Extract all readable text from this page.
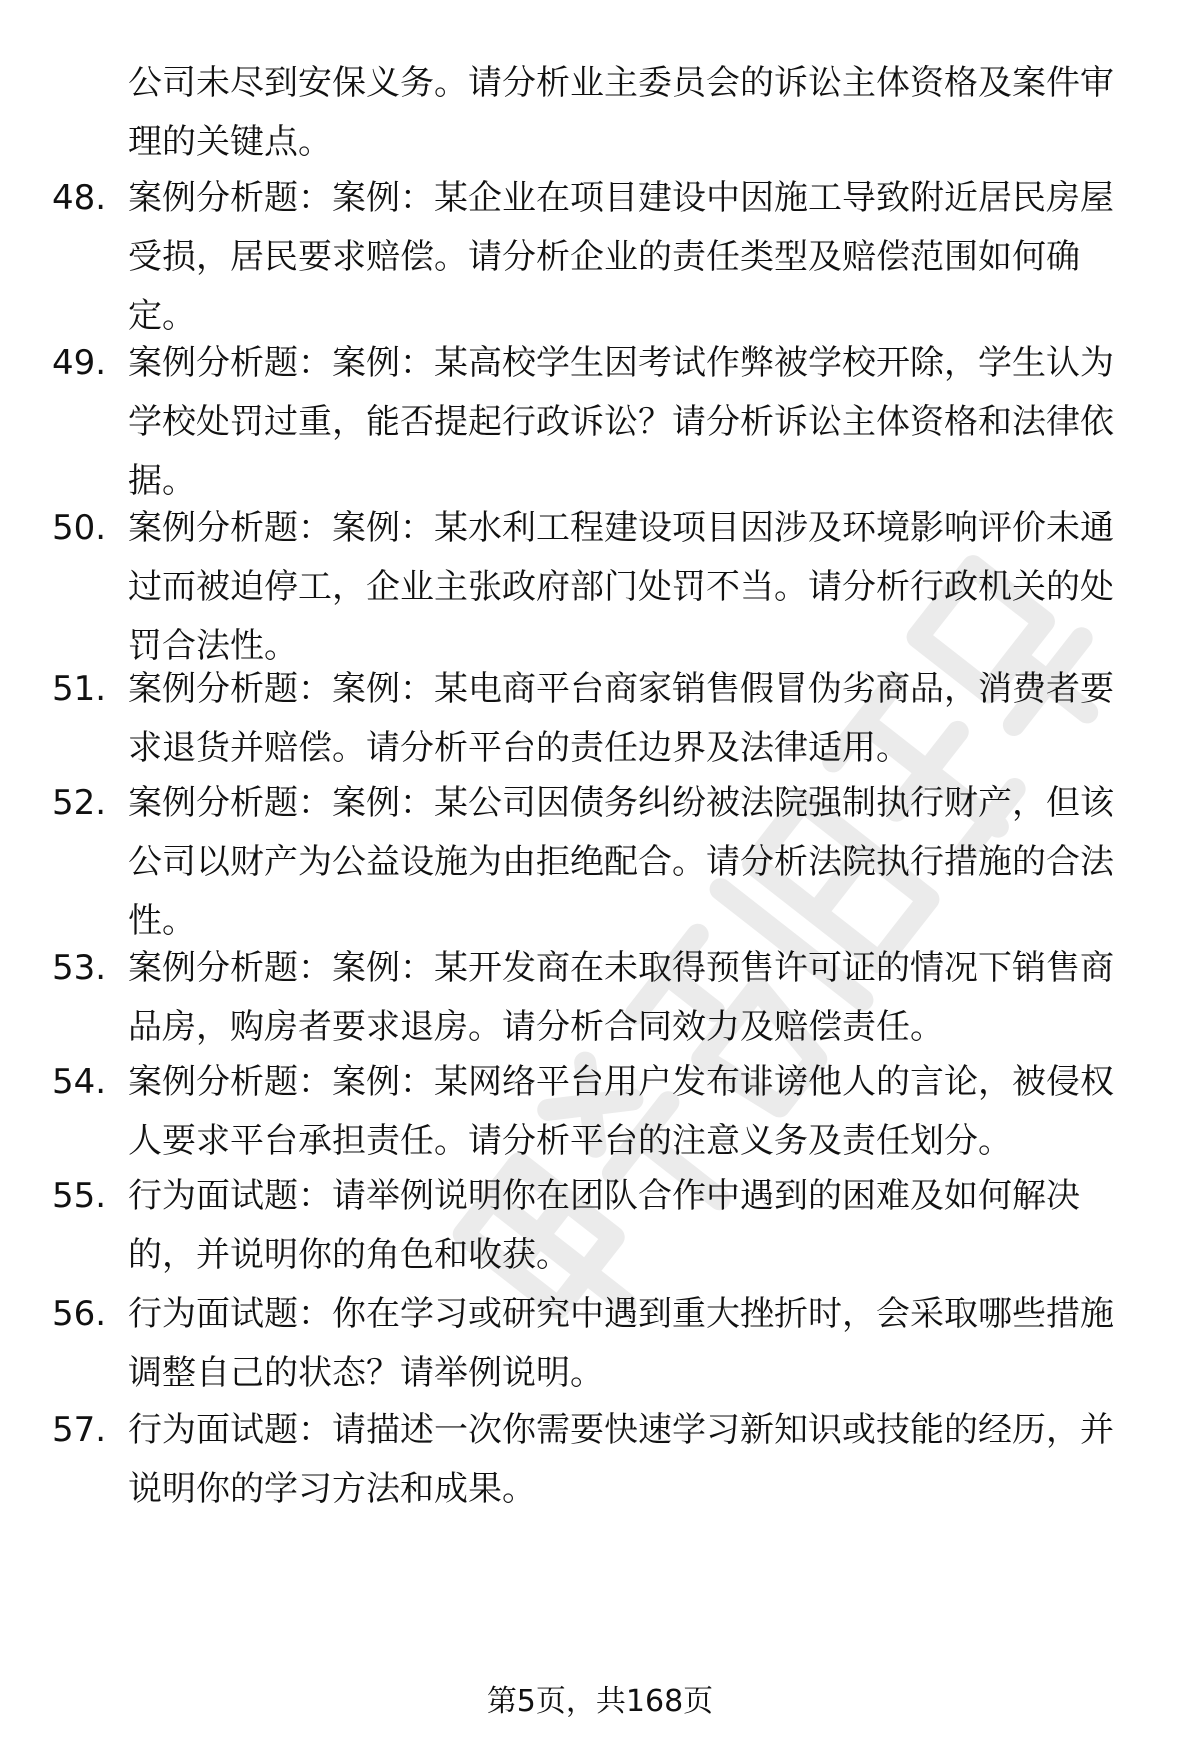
公司未尽到安保义务。请分析业主委员会的诉讼主体资格及案件审理的关键点。

48. 案例分析题：案例：某企业在项目建设中因施工导致附近居民房屋受损，居民要求赔偿。请分析企业的责任类型及赔偿范围如何确定。
49. 案例分析题：案例：某高校学生因考试作弊被学校开除，学生认为学校处罚过重，能否提起行政诉讼？请分析诉讼主体资格和法律依据。
50. 案例分析题：案例：某水利工程建设项目因涉及环境影响评价未通过而被迫停工，企业主张政府部门处罚不当。请分析行政机关的处罚合法性。
51. 案例分析题：案例：某电商平台商家销售假冒伪劣商品，消费者要求退货并赔偿。请分析平台的责任边界及法律适用。
52. 案例分析题：案例：某公司因债务纠纷被法院强制执行财产，但该公司以财产为公益设施为由拒绝配合。请分析法院执行措施的合法性。
53. 案例分析题：案例：某开发商在未取得预售许可证的情况下销售商品房，购房者要求退房。请分析合同效力及赔偿责任。
54. 案例分析题：案例：某网络平台用户发布诽谤他人的言论，被侵权人要求平台承担责任。请分析平台的注意义务及责任划分。
55. 行为面试题：请举例说明你在团队合作中遇到的困难及如何解决的，并说明你的角色和收获。
56. 行为面试题：你在学习或研究中遇到重大挫折时，会采取哪些措施调整自己的状态？请举例说明。
57. 行为面试题：请描述一次你需要快速学习新知识或技能的经历，并说明你的学习方法和成果。
第5页，共168页
